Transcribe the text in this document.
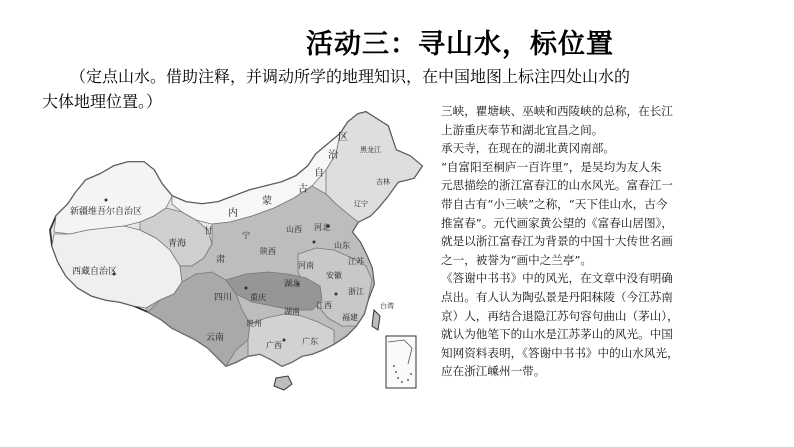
活动三：寻山水，标位置
（定点山水。借助注释，并调动所学的地理知识，在中国地图上标注四处山水的
大体地理位置。）
黑龙江
吉林
辽宁
内
蒙
古
自
治
区
新疆维吾尔自治区
西藏自治区
青海
甘
肃
宁
陕西
山西 河北
山东
河南
湖北
安徽
江苏
四川 重庆
湖南
江西
浙江
福建
贵州
云南
广西	广东
台湾

三峡，瞿塘峡、巫峡和西陵峡的总称，在长江

上游重庆奉节和湖北宜昌之间。

承天寺，在现在的湖北黄冈南部。

“自富阳至桐庐一百许里”，是吴均为友人朱

元思描绘的浙江富春江的山水风光。富春江一

带自古有“小三峡”之称，“天下佳山水，古今

推富春”。元代画家黄公望的《富春山居图》，

就是以浙江富春江为背景的中国十大传世名画

之一，被誉为“画中之兰亭”。

《答谢中书书》中的风光，在文章中没有明确

点出。有人认为陶弘景是丹阳秣陵（今江苏南

京）人，再结合退隐江苏句容句曲山（茅山），

就认为他笔下的山水是江苏茅山的风光。中国

知网资料表明，《答谢中书书》中的山水风光，

应在浙江嵊州一带。
